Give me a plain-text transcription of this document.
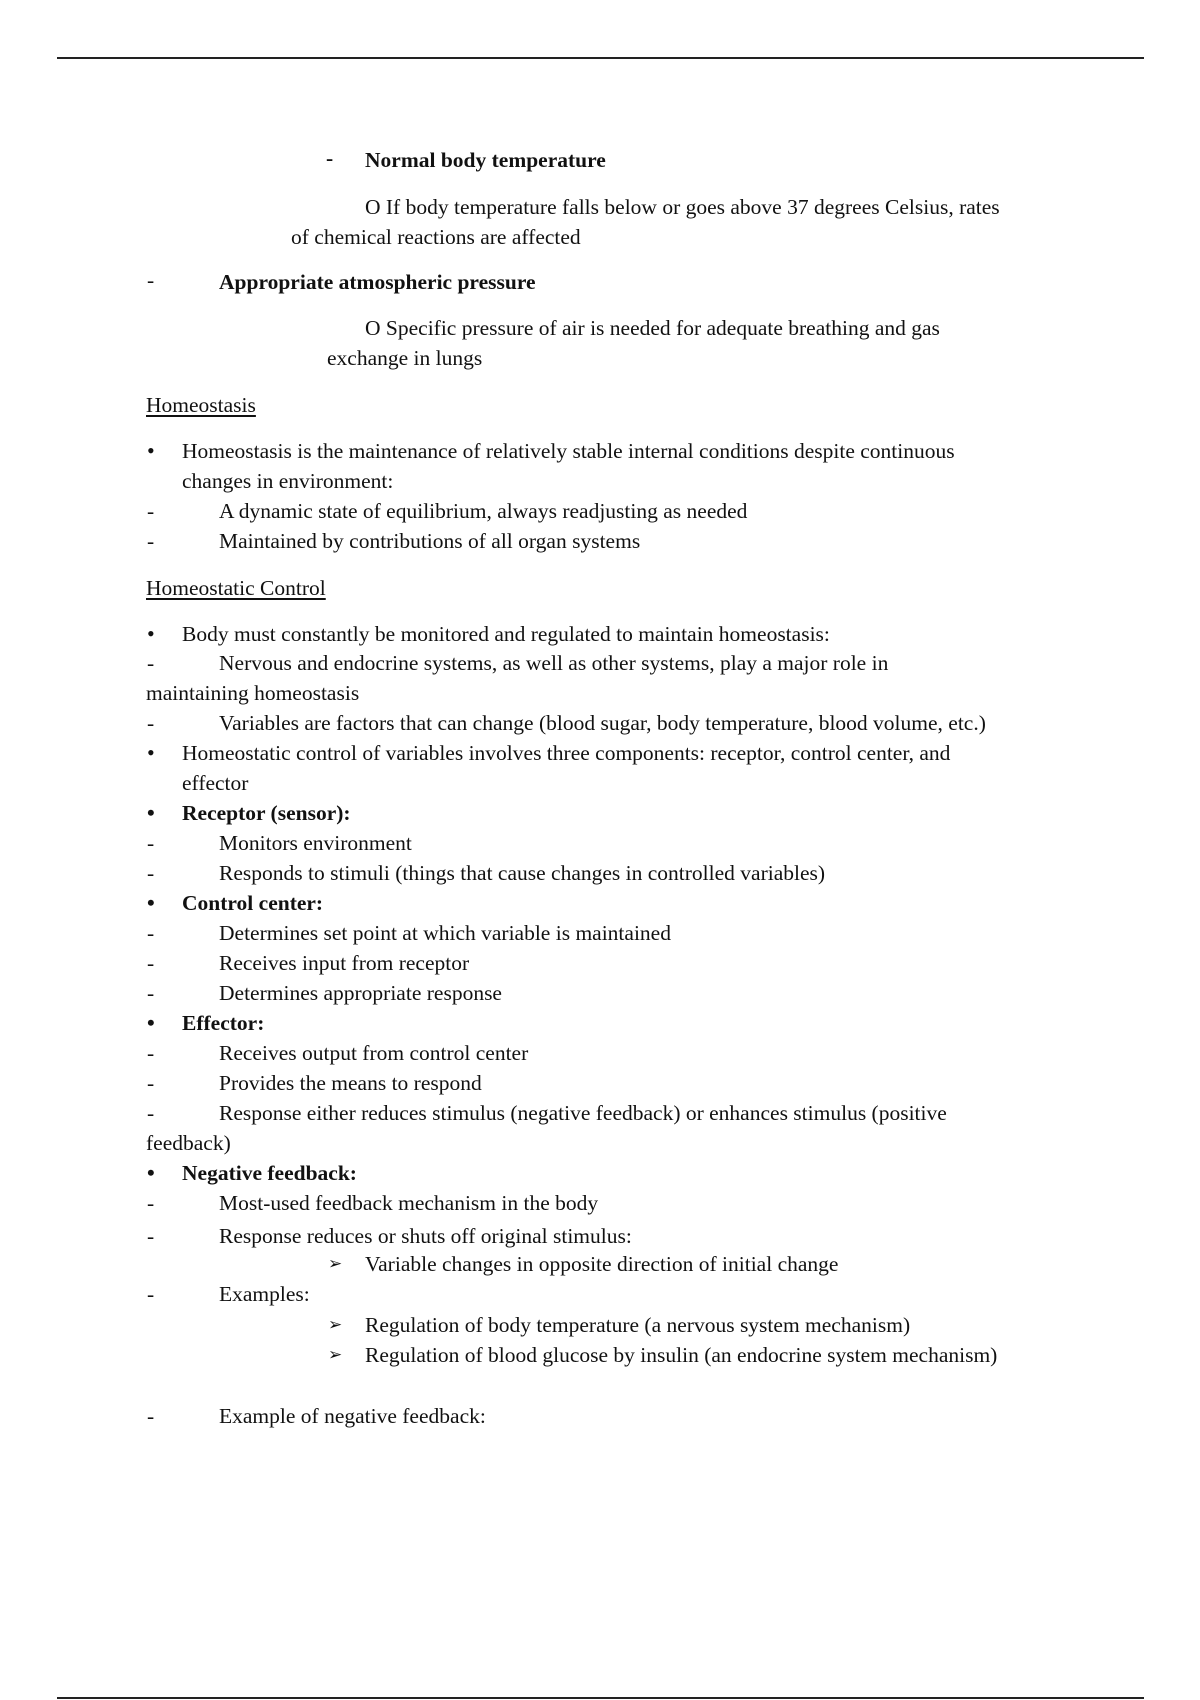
- Normal body temperature
O If body temperature falls below or goes above 37 degrees Celsius, rates
of chemical reactions are affected
-	Appropriate atmospheric pressure
O Specific pressure of air is needed for adequate breathing and gas
exchange in lungs
Homeostasis
• Homeostasis is the maintenance of relatively stable internal conditions despite continuous
changes in environment:
-	A dynamic state of equilibrium, always readjusting as needed
-	Maintained by contributions of all organ systems
Homeostatic Control
• Body must constantly be monitored and regulated to maintain homeostasis:
-	Nervous and endocrine systems, as well as other systems, play a major role in
maintaining homeostasis
-	Variables are factors that can change (blood sugar, body temperature, blood volume, etc.)
• Homeostatic control of variables involves three components: receptor, control center, and
effector
• Receptor (sensor):
-	Monitors environment
-	Responds to stimuli (things that cause changes in controlled variables)
• Control center:
-	Determines set point at which variable is maintained
-	Receives input from receptor
-	Determines appropriate response
• Effector:
-	Receives output from control center
-	Provides the means to respond
-	Response either reduces stimulus (negative feedback) or enhances stimulus (positive
feedback)
• Negative feedback:
-	Most-used feedback mechanism in the body
-	Response reduces or shuts off original stimulus:
➢ Variable changes in opposite direction of initial change
-	Examples:
➢ Regulation of body temperature (a nervous system mechanism)
➢ Regulation of blood glucose by insulin (an endocrine system mechanism)
-	Example of negative feedback:
